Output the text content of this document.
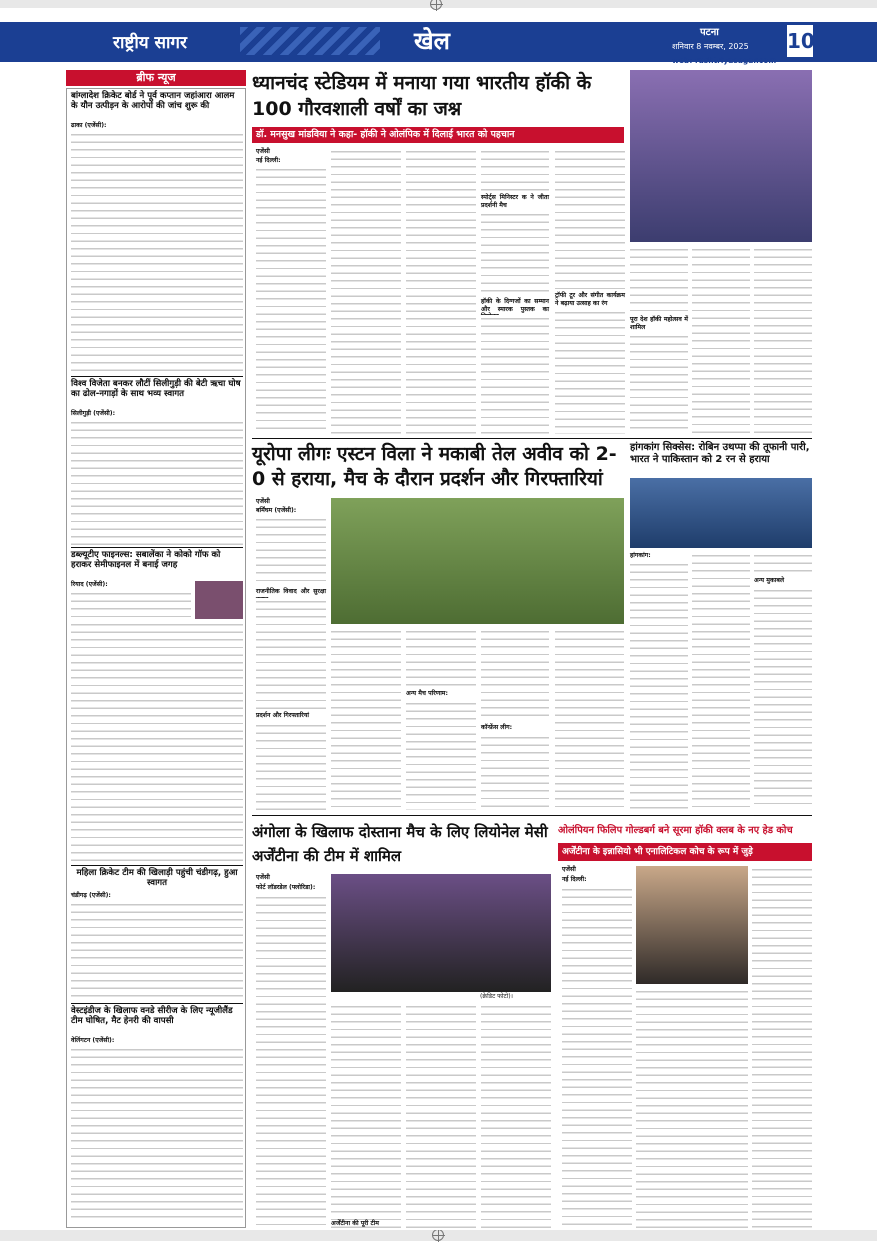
राष्ट्रीय सागर	खेल	पटना
शनिवार 8 नवम्बर, 2025	10
web: rashtriyasagar.com
ब्रीफ न्यूज
बांग्लादेश क्रिकेट बोर्ड ने पूर्व कप्तान जहांआरा आलम के यौन उत्पीड़न के आरोपों की जांच शुरू की
ढाका (एजेंसी):
विश्व विजेता बनकर लौटीं सिलीगुड़ी की बेटी ऋचा घोष का ढोल-नगाड़ों के साथ भव्य स्वागत
सिलीगुड़ी (एजेंसी):
डब्ल्यूटीए फाइनल्स: सबालेंका ने कोको गॉफ को हराकर सेमीफाइनल में बनाई जगह
रियाद (एजेंसी):
महिला क्रिकेट टीम की खिलाड़ी पहुंची चंडीगढ़, हुआ स्वागत
चंडीगढ़ (एजेंसी):
वेस्टइंडीज के खिलाफ वनडे सीरीज के लिए न्यूजीलैंड टीम घोषित, मैट हेनरी की वापसी
वेलिंगटन (एजेंसी):
ध्यानचंद स्टेडियम में मनाया गया भारतीय हॉकी के 100 गौरवशाली वर्षों का जश्न
डॉ. मनसुख मांडविया ने कहा- हॉकी ने ओलंपिक में दिलाई भारत को पहचान
एजेंसी
नई दिल्ली:
स्पोर्ट्स मिनिस्टर क ने जीता प्रदर्शनी मैच
हॉकी के दिग्गजों का सम्मान और स्मारक पुस्तक का
ट्रॉफी टूर और संगीत कार्यक्रम ने बढ़ाया उत्साह का रंग
पूरा देश हॉकी महोत्सव में शामिल
यूरोपा लीगः एस्टन विला ने मकाबी तेल अवीव को 2-0 से हराया, मैच के दौरान प्रदर्शन और गिरफ्तारियां
एजेंसी
बर्मिंघम (एजेंसी):
राजनीतिक विवाद और सुरक्षा
प्रदर्शन और गिरफ्तारियां
अन्य मैच परिणाम:
कॉन्फ्रेंस लीग:
हांगकांग सिक्सेस: रोबिन उथप्पा की तूफानी पारी, भारत ने पाकिस्तान को 2 रन से हराया
हांगकांग:
अन्य मुकाबले
अंगोला के खिलाफ दोस्ताना मैच के लिए लियोनेल मेसी अर्जेंटीना की टीम में शामिल
एजेंसी
फोर्ट लॉडरडेल (फ्लोरिडा):
(क्रेडिट फोटो)।
अर्जेंटीना की पूरी टीम
ओलंपियन फिलिप गोल्डबर्ग बने सूरमा हॉकी क्लब के नए हेड कोच
अर्जेंटीना के इन्नासियो भी एनालिटिकल कोच के रूप में जुड़े
एजेंसी
नई दिल्ली:
